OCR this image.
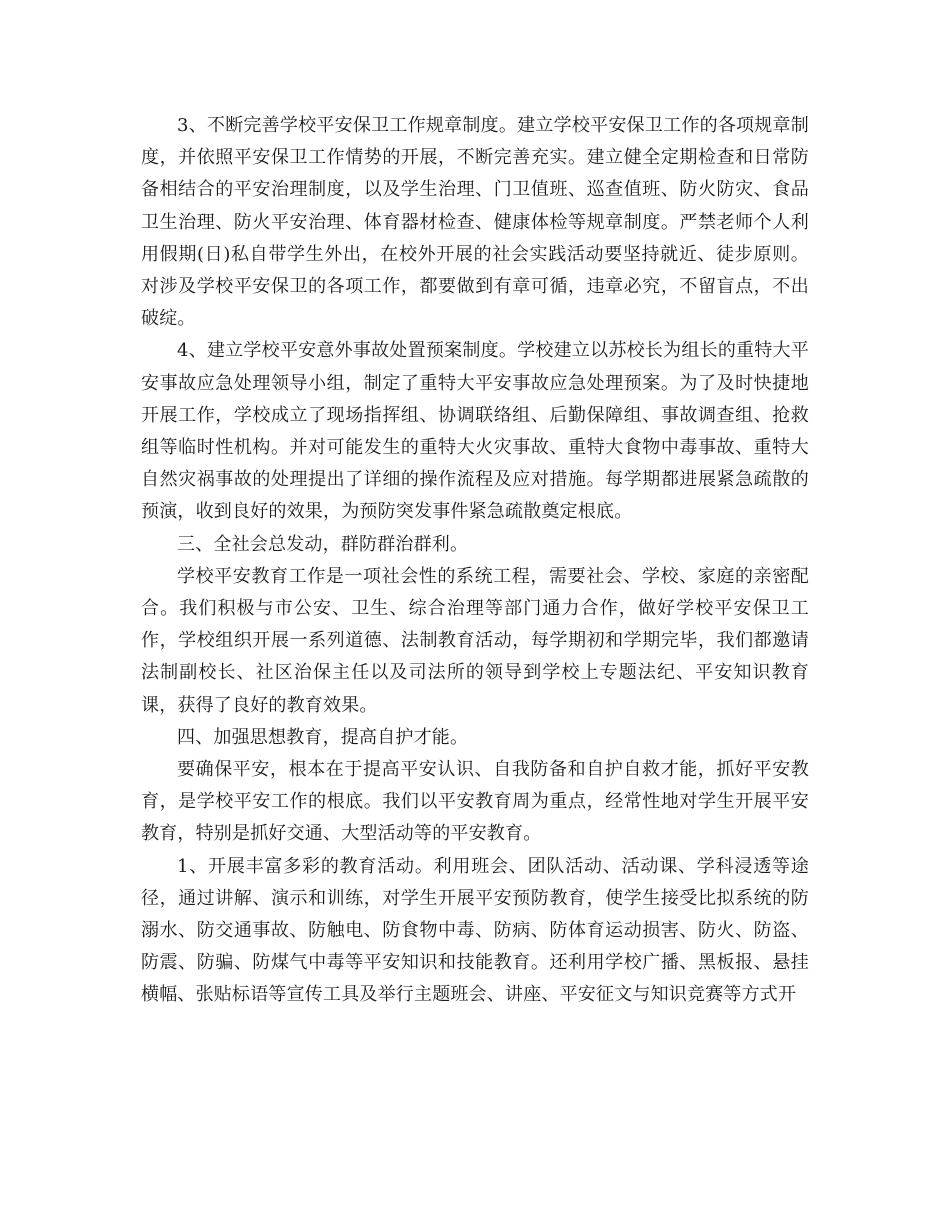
3、不断完善学校平安保卫工作规章制度。建立学校平安保卫工作的各项规章制度，并依照平安保卫工作情势的开展，不断完善充实。建立健全定期检查和日常防备相结合的平安治理制度，以及学生治理、门卫值班、巡查值班、防火防灾、食品卫生治理、防火平安治理、体育器材检查、健康体检等规章制度。严禁老师个人利用假期(日)私自带学生外出，在校外开展的社会实践活动要坚持就近、徒步原则。对涉及学校平安保卫的各项工作，都要做到有章可循，违章必究，不留盲点，不出破绽。

4、建立学校平安意外事故处置预案制度。学校建立以苏校长为组长的重特大平安事故应急处理领导小组，制定了重特大平安事故应急处理预案。为了及时快捷地开展工作，学校成立了现场指挥组、协调联络组、后勤保障组、事故调查组、抢救组等临时性机构。并对可能发生的重特大火灾事故、重特大食物中毒事故、重特大自然灾祸事故的处理提出了详细的操作流程及应对措施。每学期都进展紧急疏散的预演，收到良好的效果，为预防突发事件紧急疏散奠定根底。

三、全社会总发动，群防群治群利。

学校平安教育工作是一项社会性的系统工程，需要社会、学校、家庭的亲密配合。我们积极与市公安、卫生、综合治理等部门通力合作，做好学校平安保卫工作，学校组织开展一系列道德、法制教育活动，每学期初和学期完毕，我们都邀请法制副校长、社区治保主任以及司法所的领导到学校上专题法纪、平安知识教育课，获得了良好的教育效果。

四、加强思想教育，提高自护才能。

要确保平安，根本在于提高平安认识、自我防备和自护自救才能，抓好平安教育，是学校平安工作的根底。我们以平安教育周为重点，经常性地对学生开展平安教育，特别是抓好交通、大型活动等的平安教育。

1、开展丰富多彩的教育活动。利用班会、团队活动、活动课、学科浸透等途径，通过讲解、演示和训练，对学生开展平安预防教育，使学生接受比拟系统的防溺水、防交通事故、防触电、防食物中毒、防病、防体育运动损害、防火、防盗、防震、防骗、防煤气中毒等平安知识和技能教育。还利用学校广播、黑板报、悬挂横幅、张贴标语等宣传工具及举行主题班会、讲座、平安征文与知识竞赛等方式开
